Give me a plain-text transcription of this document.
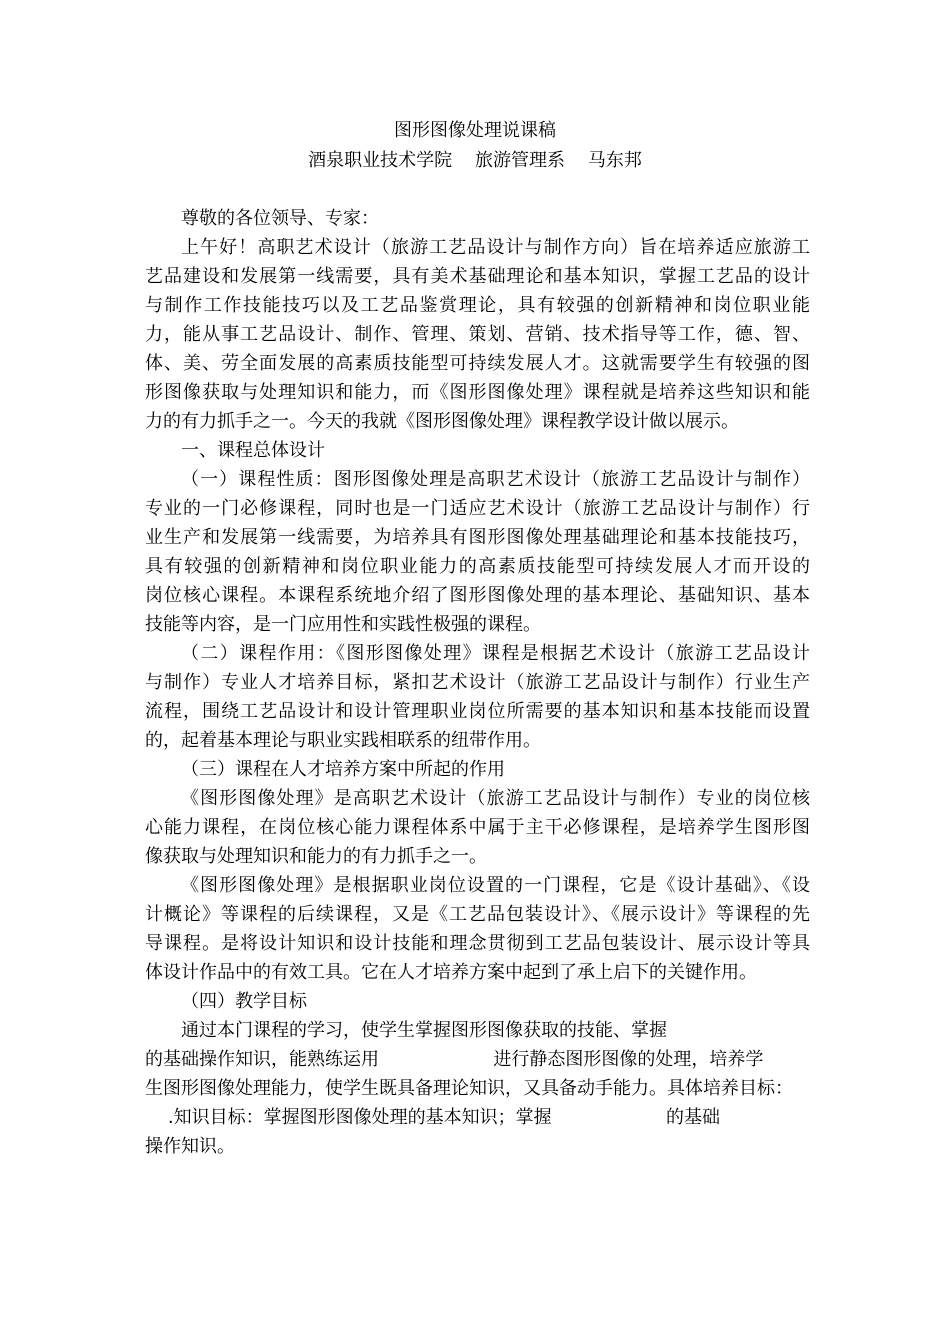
图形图像处理说课稿
酒泉职业技术学院    旅游管理系    马东邦
尊敬的各位领导、专家：
上午好！高职艺术设计（旅游工艺品设计与制作方向）旨在培养适应旅游工
艺品建设和发展第一线需要，具有美术基础理论和基本知识，掌握工艺品的设计
与制作工作技能技巧以及工艺品鉴赏理论，具有较强的创新精神和岗位职业能
力，能从事工艺品设计、制作、管理、策划、营销、技术指导等工作，德、智、
体、美、劳全面发展的高素质技能型可持续发展人才。这就需要学生有较强的图
形图像获取与处理知识和能力，而《图形图像处理》课程就是培养这些知识和能
力的有力抓手之一。今天的我就《图形图像处理》课程教学设计做以展示。
一、课程总体设计
（一）课程性质：图形图像处理是高职艺术设计（旅游工艺品设计与制作）
专业的一门必修课程，同时也是一门适应艺术设计（旅游工艺品设计与制作）行
业生产和发展第一线需要，为培养具有图形图像处理基础理论和基本技能技巧，
具有较强的创新精神和岗位职业能力的高素质技能型可持续发展人才而开设的
岗位核心课程。本课程系统地介绍了图形图像处理的基本理论、基础知识、基本
技能等内容，是一门应用性和实践性极强的课程。
（二）课程作用：《图形图像处理》课程是根据艺术设计（旅游工艺品设计
与制作）专业人才培养目标，紧扣艺术设计（旅游工艺品设计与制作）行业生产
流程，围绕工艺品设计和设计管理职业岗位所需要的基本知识和基本技能而设置
的，起着基本理论与职业实践相联系的纽带作用。
（三）课程在人才培养方案中所起的作用
《图形图像处理》是高职艺术设计（旅游工艺品设计与制作）专业的岗位核
心能力课程，在岗位核心能力课程体系中属于主干必修课程，是培养学生图形图
像获取与处理知识和能力的有力抓手之一。
《图形图像处理》是根据职业岗位设置的一门课程，它是《设计基础》、《设
计概论》等课程的后续课程，又是《工艺品包装设计》、《展示设计》等课程的先
导课程。是将设计知识和设计技能和理念贯彻到工艺品包装设计、展示设计等具
体设计作品中的有效工具。它在人才培养方案中起到了承上启下的关键作用。
（四）教学目标
通过本门课程的学习，使学生掌握图形图像获取的技能、掌握
的基础操作知识，能熟练运用                    进行静态图形图像的处理，培养学
生图形图像处理能力，使学生既具备理论知识，又具备动手能力。具体培养目标：
.知识目标：掌握图形图像处理的基本知识；掌握                    的基础
操作知识。
